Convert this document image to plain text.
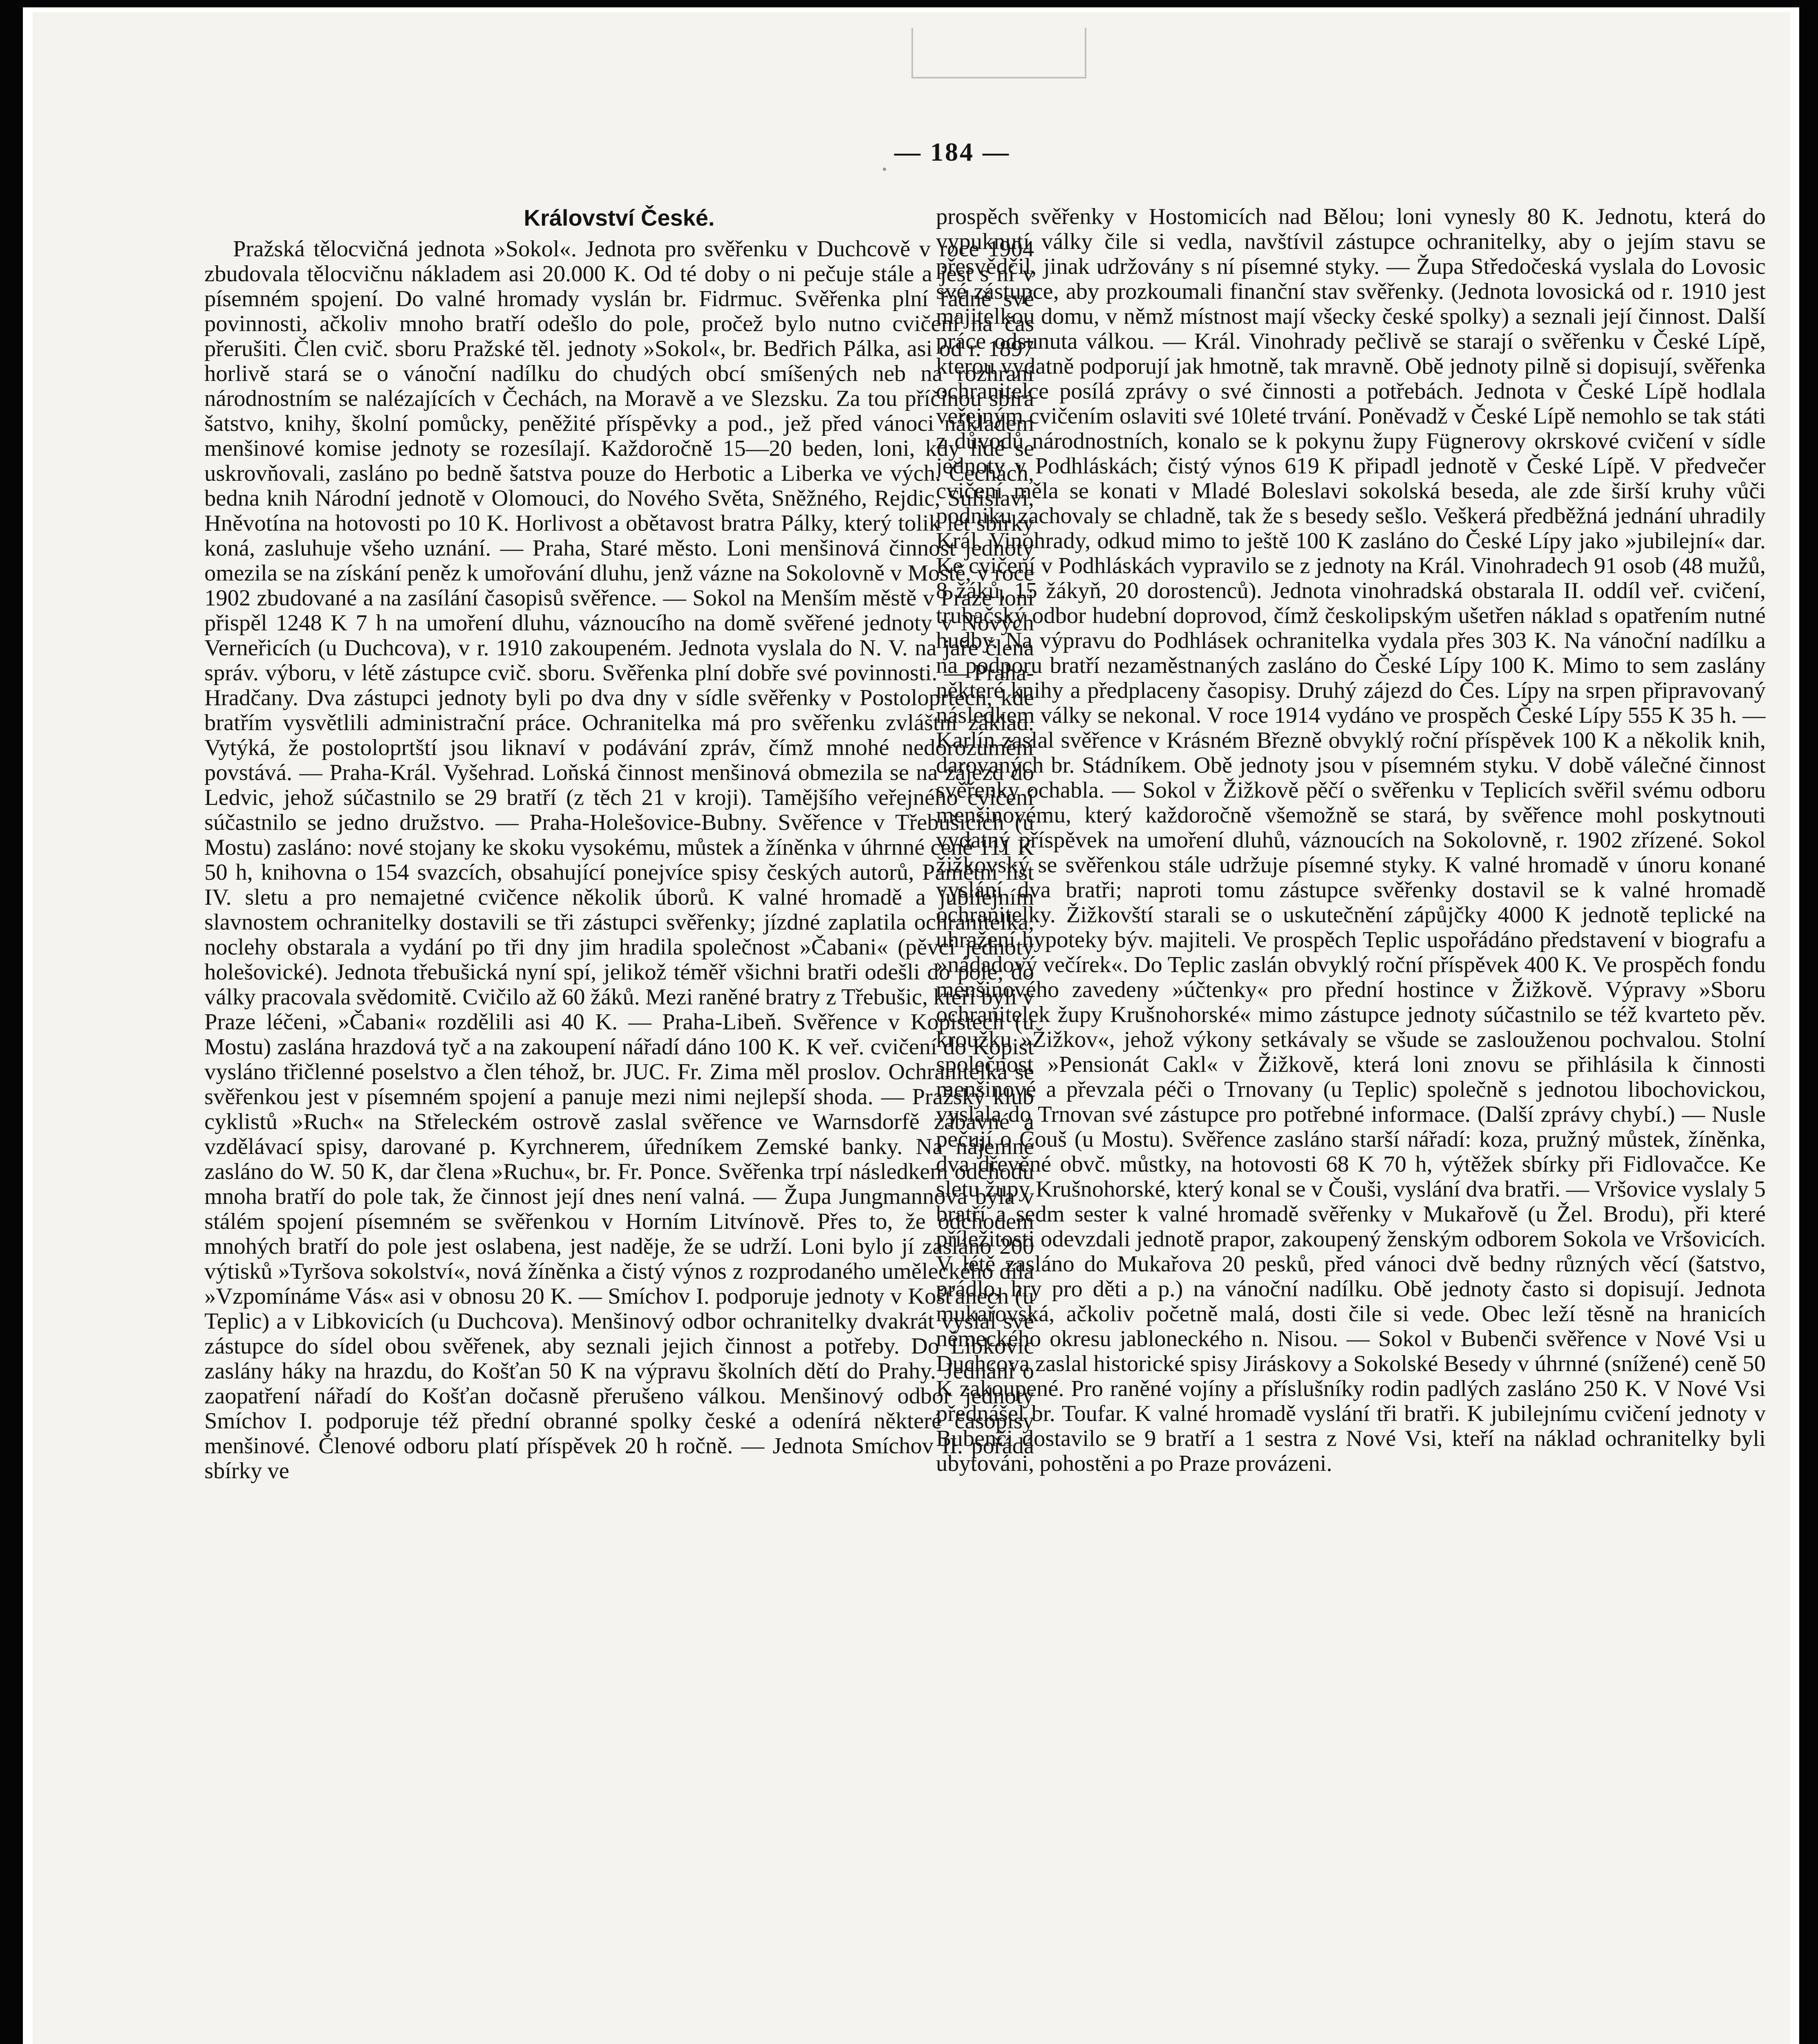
— 184 —
Království České.

Pražská tělocvičná jednota »Sokol«. Jednota pro svěřenku v Duchcově v roce 1904 zbudovala tělocvičnu nákladem asi 20.000 K. Od té doby o ni pečuje stále a jest s ní v písemném spojení. Do valné hromady vyslán br. Fidrmuc. Svěřenka plní řádně své povinnosti, ačkoliv mnoho bratří odešlo do pole, pročež bylo nutno cvičení na čas přerušiti. Člen cvič. sboru Pražské těl. jednoty »Sokol«, br. Bedřich Pálka, asi od r. 1897 horlivě stará se o vánoční nadílku do chudých obcí smíšených neb na rozhraní národnostním se nalézajících v Čechách, na Moravě a ve Slezsku. Za tou příčinou sbírá šatstvo, knihy, školní pomůcky, peněžité příspěvky a pod., jež před vánoci nákladem menšinové komise jednoty se rozesílají. Každoročně 15—20 beden, loni, kdy lidé se uskrovňovali, zasláno po bedně šatstva pouze do Herbotic a Liberka ve vých. Čechách, bedna knih Národní jednotě v Olomouci, do Nového Světa, Sněžného, Rejdic, Sulislavi, Hněvotína na hotovosti po 10 K. Horlivost a obětavost bratra Pálky, který tolik let sbírky koná, zasluhuje všeho uznání. — Praha, Staré město. Loni menšinová činnost jednoty omezila se na získání peněz k umořování dluhu, jenž vázne na Sokolovně v Mostě, v roce 1902 zbudované a na zasílání časopisů svěřence. — Sokol na Menším městě v Praze loni přispěl 1248 K 7 h na umoření dluhu, váznoucího na domě svěřené jednoty v Nových Verneřicích (u Duchcova), v r. 1910 zakoupeném. Jednota vyslala do N. V. na jaře člena správ. výboru, v létě zástupce cvič. sboru. Svěřenka plní dobře své povinnosti. — Praha-Hradčany. Dva zástupci jednoty byli po dva dny v sídle svěřenky v Postoloprtech, kde bratřím vysvětlili administrační práce. Ochranitelka má pro svěřenku zvláštní základ. Vytýká, že postoloprtští jsou liknaví v podávání zpráv, čímž mnohé nedorozumění povstává. — Praha-Král. Vyšehrad. Loňská činnost menšinová obmezila se na zájezd do Ledvic, jehož súčastnilo se 29 bratří (z těch 21 v kroji). Tamějšího veřejného cvičení súčastnilo se jedno družstvo. — Praha-Holešovice-Bubny. Svěřence v Třebušicích (u Mostu) zasláno: nové stojany ke skoku vysokému, můstek a žíněnka v úhrnné ceně 111 K 50 h, knihovna o 154 svazcích, obsahující ponejvíce spisy českých autorů, Pamětní list IV. sletu a pro nemajetné cvičence několik úborů. K valné hromadě a jubilejním slavnostem ochranitelky dostavili se tři zástupci svěřenky; jízdné zaplatila ochranitelka, noclehy obstarala a vydání po tři dny jim hradila společnost »Čabani« (pěvci jednoty holešovické). Jednota třebušická nyní spí, jelikož téměř všichni bratři odešli do pole; do války pracovala svědomitě. Cvičilo až 60 žáků. Mezi raněné bratry z Třebušic, kteří byli v Praze léčeni, »Čabani« rozdělili asi 40 K. — Praha-Libeň. Svěřence v Kopistech (u Mostu) zaslána hrazdová tyč a na zakoupení nářadí dáno 100 K. K veř. cvičení do Kopist vysláno třičlenné poselstvo a člen téhož, br. JUC. Fr. Zima měl proslov. Ochranitelka se svěřenkou jest v písemném spojení a panuje mezi nimi nejlepší shoda. — Pražský klub cyklistů »Ruch« na Střeleckém ostrově zaslal svěřence ve Warnsdorfě zábavné a vzdělávací spisy, darované p. Kyrchnerem, úředníkem Zemské banky. Na nájemné zasláno do W. 50 K, dar člena »Ruchu«, br. Fr. Ponce. Svěřenka trpí následkem odchodu mnoha bratří do pole tak, že činnost její dnes není valná. — Župa Jungmannova byla v stálém spojení písemném se svěřenkou v Horním Litvínově. Přes to, že odchodem mnohých bratří do pole jest oslabena, jest naděje, že se udrží. Loni bylo jí zasláno 200 výtisků »Tyršova sokolství«, nová žíněnka a čistý výnos z rozprodaného uměleckého díla »Vzpomínáme Vás« asi v obnosu 20 K. — Smíchov I. podporuje jednoty v Košťanech (u Teplic) a v Libkovicích (u Duchcova). Menšinový odbor ochranitelky dvakrát vyslal své zástupce do sídel obou svěřenek, aby seznali jejich činnost a potřeby. Do Libkovic zaslány háky na hrazdu, do Košťan 50 K na výpravu školních dětí do Prahy. Jednání o zaopatření nářadí do Košťan dočasně přerušeno válkou. Menšinový odbor jednoty Smíchov I. podporuje též přední obranné spolky české a odenírá některé časopisy menšinové. Členové odboru platí příspěvek 20 h ročně. — Jednota Smíchov II. pořádá sbírky ve

prospěch svěřenky v Hostomicích nad Bělou; loni vynesly 80 K. Jednotu, která do vypuknutí války čile si vedla, navštívil zástupce ochranitelky, aby o jejím stavu se přesvědčil, jinak udržovány s ní písemné styky. — Župa Středočeská vyslala do Lovosic své zástupce, aby prozkoumali finanční stav svěřenky. (Jednota lovosická od r. 1910 jest majitelkou domu, v němž místnost mají všecky české spolky) a seznali její činnost. Další práce odsunuta válkou. — Král. Vinohrady pečlivě se starají o svěřenku v České Lípě, kterou vydatně podporují jak hmotně, tak mravně. Obě jednoty pilně si dopisují, svěřenka ochranitelce posílá zprávy o své činnosti a potřebách. Jednota v České Lípě hodlala veřejným cvičením oslaviti své 10leté trvání. Poněvadž v České Lípě nemohlo se tak státi z důvodů národnostních, konalo se k pokynu župy Fügnerovy okrskové cvičení v sídle jednoty v Podhláskách; čistý výnos 619 K připadl jednotě v České Lípě. V předvečer cvičení měla se konati v Mladé Boleslavi sokolská beseda, ale zde širší kruhy vůči podniku zachovaly se chladně, tak že s besedy sešlo. Veškerá předběžná jednání uhradily Král. Vinohrady, odkud mimo to ještě 100 K zasláno do České Lípy jako »jubilejní« dar. Ke cvičení v Podhláskách vypravilo se z jednoty na Král. Vinohradech 91 osob (48 mužů, 8 žáků, 15 žákyň, 20 dorostenců). Jednota vinohradská obstarala II. oddíl veř. cvičení, trubačský odbor hudební doprovod, čímž českolipským ušetřen náklad s opatřením nutné hudby. Na výpravu do Podhlásek ochranitelka vydala přes 303 K. Na vánoční nadílku a na podporu bratří nezaměstnaných zasláno do České Lípy 100 K. Mimo to sem zaslány některé knihy a předplaceny časopisy. Druhý zájezd do Čes. Lípy na srpen připravovaný následkem války se nekonal. V roce 1914 vydáno ve prospěch České Lípy 555 K 35 h. — Karlín zaslal svěřence v Krásném Březně obvyklý roční příspěvek 100 K a několik knih, darovaných br. Stádníkem. Obě jednoty jsou v písemném styku. V době válečné činnost svěřenky ochabla. — Sokol v Žižkově pěčí o svěřenku v Teplicích svěřil svému odboru menšinovému, který každoročně všemožně se stará, by svěřence mohl poskytnouti vydatný příspěvek na umoření dluhů, váznoucích na Sokolovně, r. 1902 zřízené. Sokol žižkovský se svěřenkou stále udržuje písemné styky. K valné hromadě v únoru konané vyslání dva bratři; naproti tomu zástupce svěřenky dostavil se k valné hromadě ochranitelky. Žižkovští starali se o uskutečnění zápůjčky 4000 K jednotě teplické na uhražení hypoteky býv. majiteli. Ve prospěch Teplic uspořádáno představení v biografu a »nádadový večírek«. Do Teplic zaslán obvyklý roční příspěvek 400 K. Ve prospěch fondu menšinového zavedeny »účtenky« pro přední hostince v Žižkově. Výpravy »Sboru ochranitelek župy Krušnohorské« mimo zástupce jednoty súčastnilo se též kvarteto pěv. kroužku »Žižkov«, jehož výkony setkávaly se všude se zaslouženou pochvalou. Stolní společnost »Pensionát Cakl« v Žižkově, která loni znovu se přihlásila k činnosti menšinové a převzala péči o Trnovany (u Teplic) společně s jednotou libochovickou, vyslala do Trnovan své zástupce pro potřebné informace. (Další zprávy chybí.) — Nusle pečují o Čouš (u Mostu). Svěřence zasláno starší nářadí: koza, pružný můstek, žíněnka, dva dřevěné obvč. můstky, na hotovosti 68 K 70 h, výtěžek sbírky při Fidlovačce. Ke sletu župy Krušnohorské, který konal se v Čouši, vyslání dva bratři. — Vršovice vyslaly 5 bratří a sedm sester k valné hromadě svěřenky v Mukařově (u Žel. Brodu), při které příležitosti odevzdali jednotě prapor, zakoupený ženským odborem Sokola ve Vršovicích. V létě zasláno do Mukařova 20 pesků, před vánoci dvě bedny různých věcí (šatstvo, prádlo, hry pro děti a p.) na vánoční nadílku. Obě jednoty často si dopisují. Jednota mukařovská, ačkoliv početně malá, dosti čile si vede. Obec leží těsně na hranicích německého okresu jabloneckého n. Nisou. — Sokol v Bubenči svěřence v Nové Vsi u Duchcova zaslal historické spisy Jiráskovy a Sokolské Besedy v úhrnné (snížené) ceně 50 K zakoupené. Pro raněné vojíny a příslušníky rodin padlých zasláno 250 K. V Nové Vsi přednášel br. Toufar. K valné hromadě vyslání tři bratři. K jubilejnímu cvičení jednoty v Bubenči dostavilo se 9 bratří a 1 sestra z Nové Vsi, kteří na náklad ochranitelky byli ubytováni, pohostěni a po Praze provázeni.
